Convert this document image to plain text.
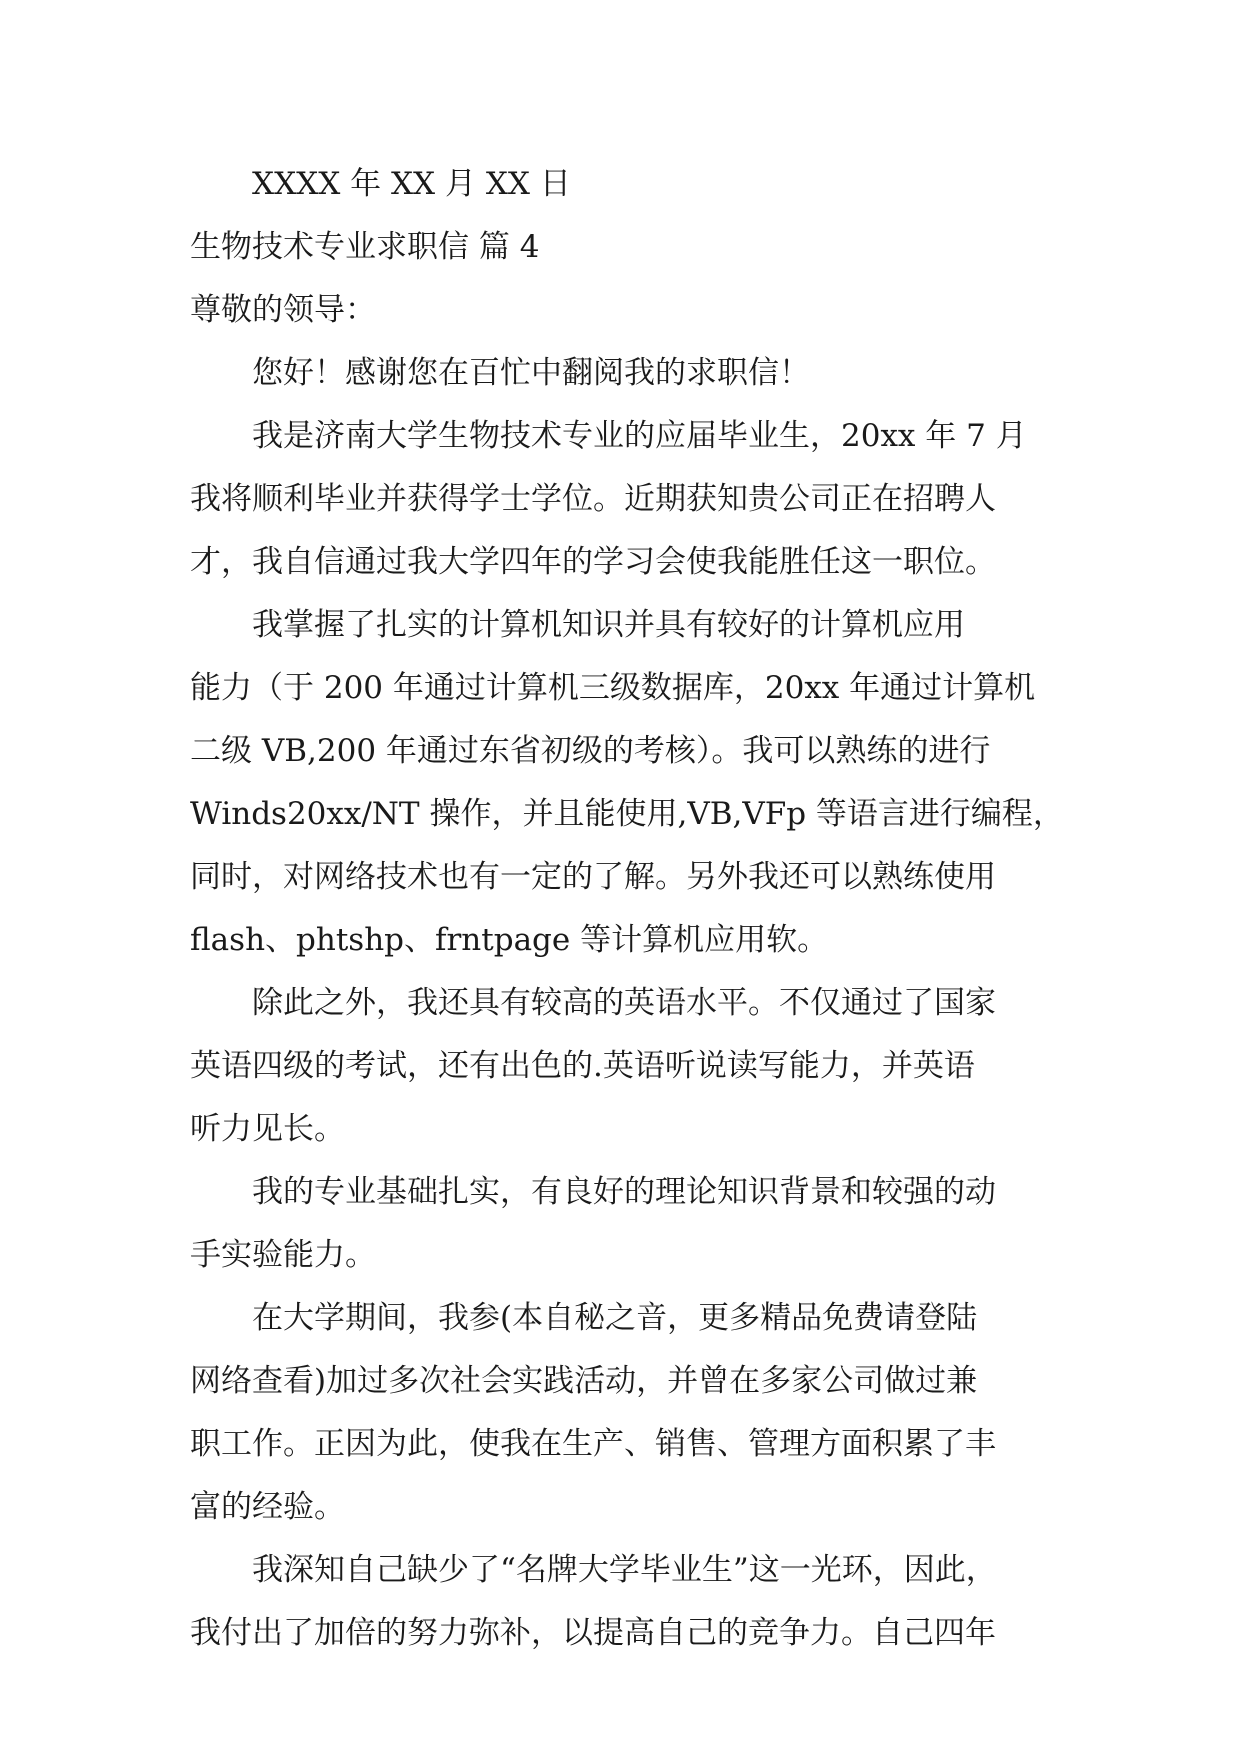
XXXX 年 XX 月 XX 日
生物技术专业求职信 篇 4
尊敬的领导：
您好！感谢您在百忙中翻阅我的求职信！
我是济南大学生物技术专业的应届毕业生，20xx 年 7 月
我将顺利毕业并获得学士学位。近期获知贵公司正在招聘人
才，我自信通过我大学四年的学习会使我能胜任这一职位。
我掌握了扎实的计算机知识并具有较好的计算机应用
能力（于 200 年通过计算机三级数据库，20xx 年通过计算机
二级 VB,200 年通过东省初级的考核）。我可以熟练的进行
Winds20xx/NT 操作，并且能使用,VB,VFp 等语言进行编程，
同时，对网络技术也有一定的了解。另外我还可以熟练使用
flash、phtshp、frntpage 等计算机应用软。
除此之外，我还具有较高的英语水平。不仅通过了国家
英语四级的考试，还有出色的.英语听说读写能力，并英语
听力见长。
我的专业基础扎实，有良好的理论知识背景和较强的动
手实验能力。
在大学期间，我参(本自秘之音，更多精品免费请登陆
网络查看)加过多次社会实践活动，并曾在多家公司做过兼
职工作。正因为此，使我在生产、销售、管理方面积累了丰
富的经验。
我深知自己缺少了“名牌大学毕业生”这一光环，因此，
我付出了加倍的努力弥补，以提高自己的竞争力。自己四年
